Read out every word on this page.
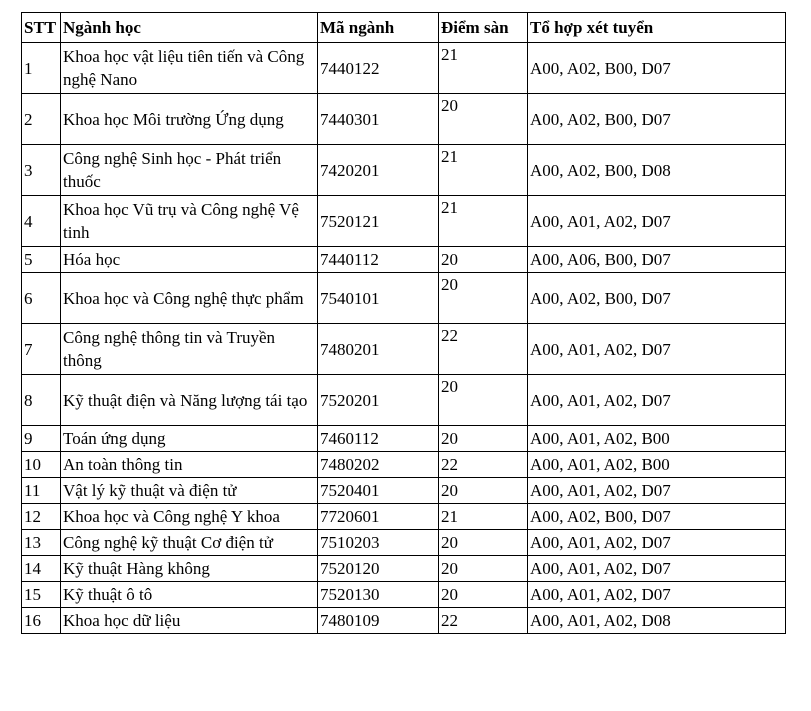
STT	Ngành học	Mã ngành	Điểm sàn	Tổ hợp xét tuyển
1	Khoa học vật liệu tiên tiến và Công nghệ Nano	7440122	21	A00, A02, B00, D07
2	Khoa học Môi trường Ứng dụng	7440301	20	A00, A02, B00, D07
3	Công nghệ Sinh học - Phát triển thuốc	7420201	21	A00, A02, B00, D08
4	Khoa học Vũ trụ và Công nghệ Vệ tinh	7520121	21	A00, A01, A02, D07
5	Hóa học	7440112	20	A00, A06, B00, D07
6	Khoa học và Công nghệ thực phẩm	7540101	20	A00, A02, B00, D07
7	Công nghệ thông tin và Truyền thông	7480201	22	A00, A01, A02, D07
8	Kỹ thuật điện và Năng lượng tái tạo	7520201	20	A00, A01, A02, D07
9	Toán ứng dụng	7460112	20	A00, A01, A02, B00
10	An toàn thông tin	7480202	22	A00, A01, A02, B00
11	Vật lý kỹ thuật và điện tử	7520401	20	A00, A01, A02, D07
12	Khoa học và Công nghệ Y khoa	7720601	21	A00, A02, B00, D07
13	Công nghệ kỹ thuật Cơ điện tử	7510203	20	A00, A01, A02, D07
14	Kỹ thuật Hàng không	7520120	20	A00, A01, A02, D07
15	Kỹ thuật ô tô	7520130	20	A00, A01, A02, D07
16	Khoa học dữ liệu	7480109	22	A00, A01, A02, D08
